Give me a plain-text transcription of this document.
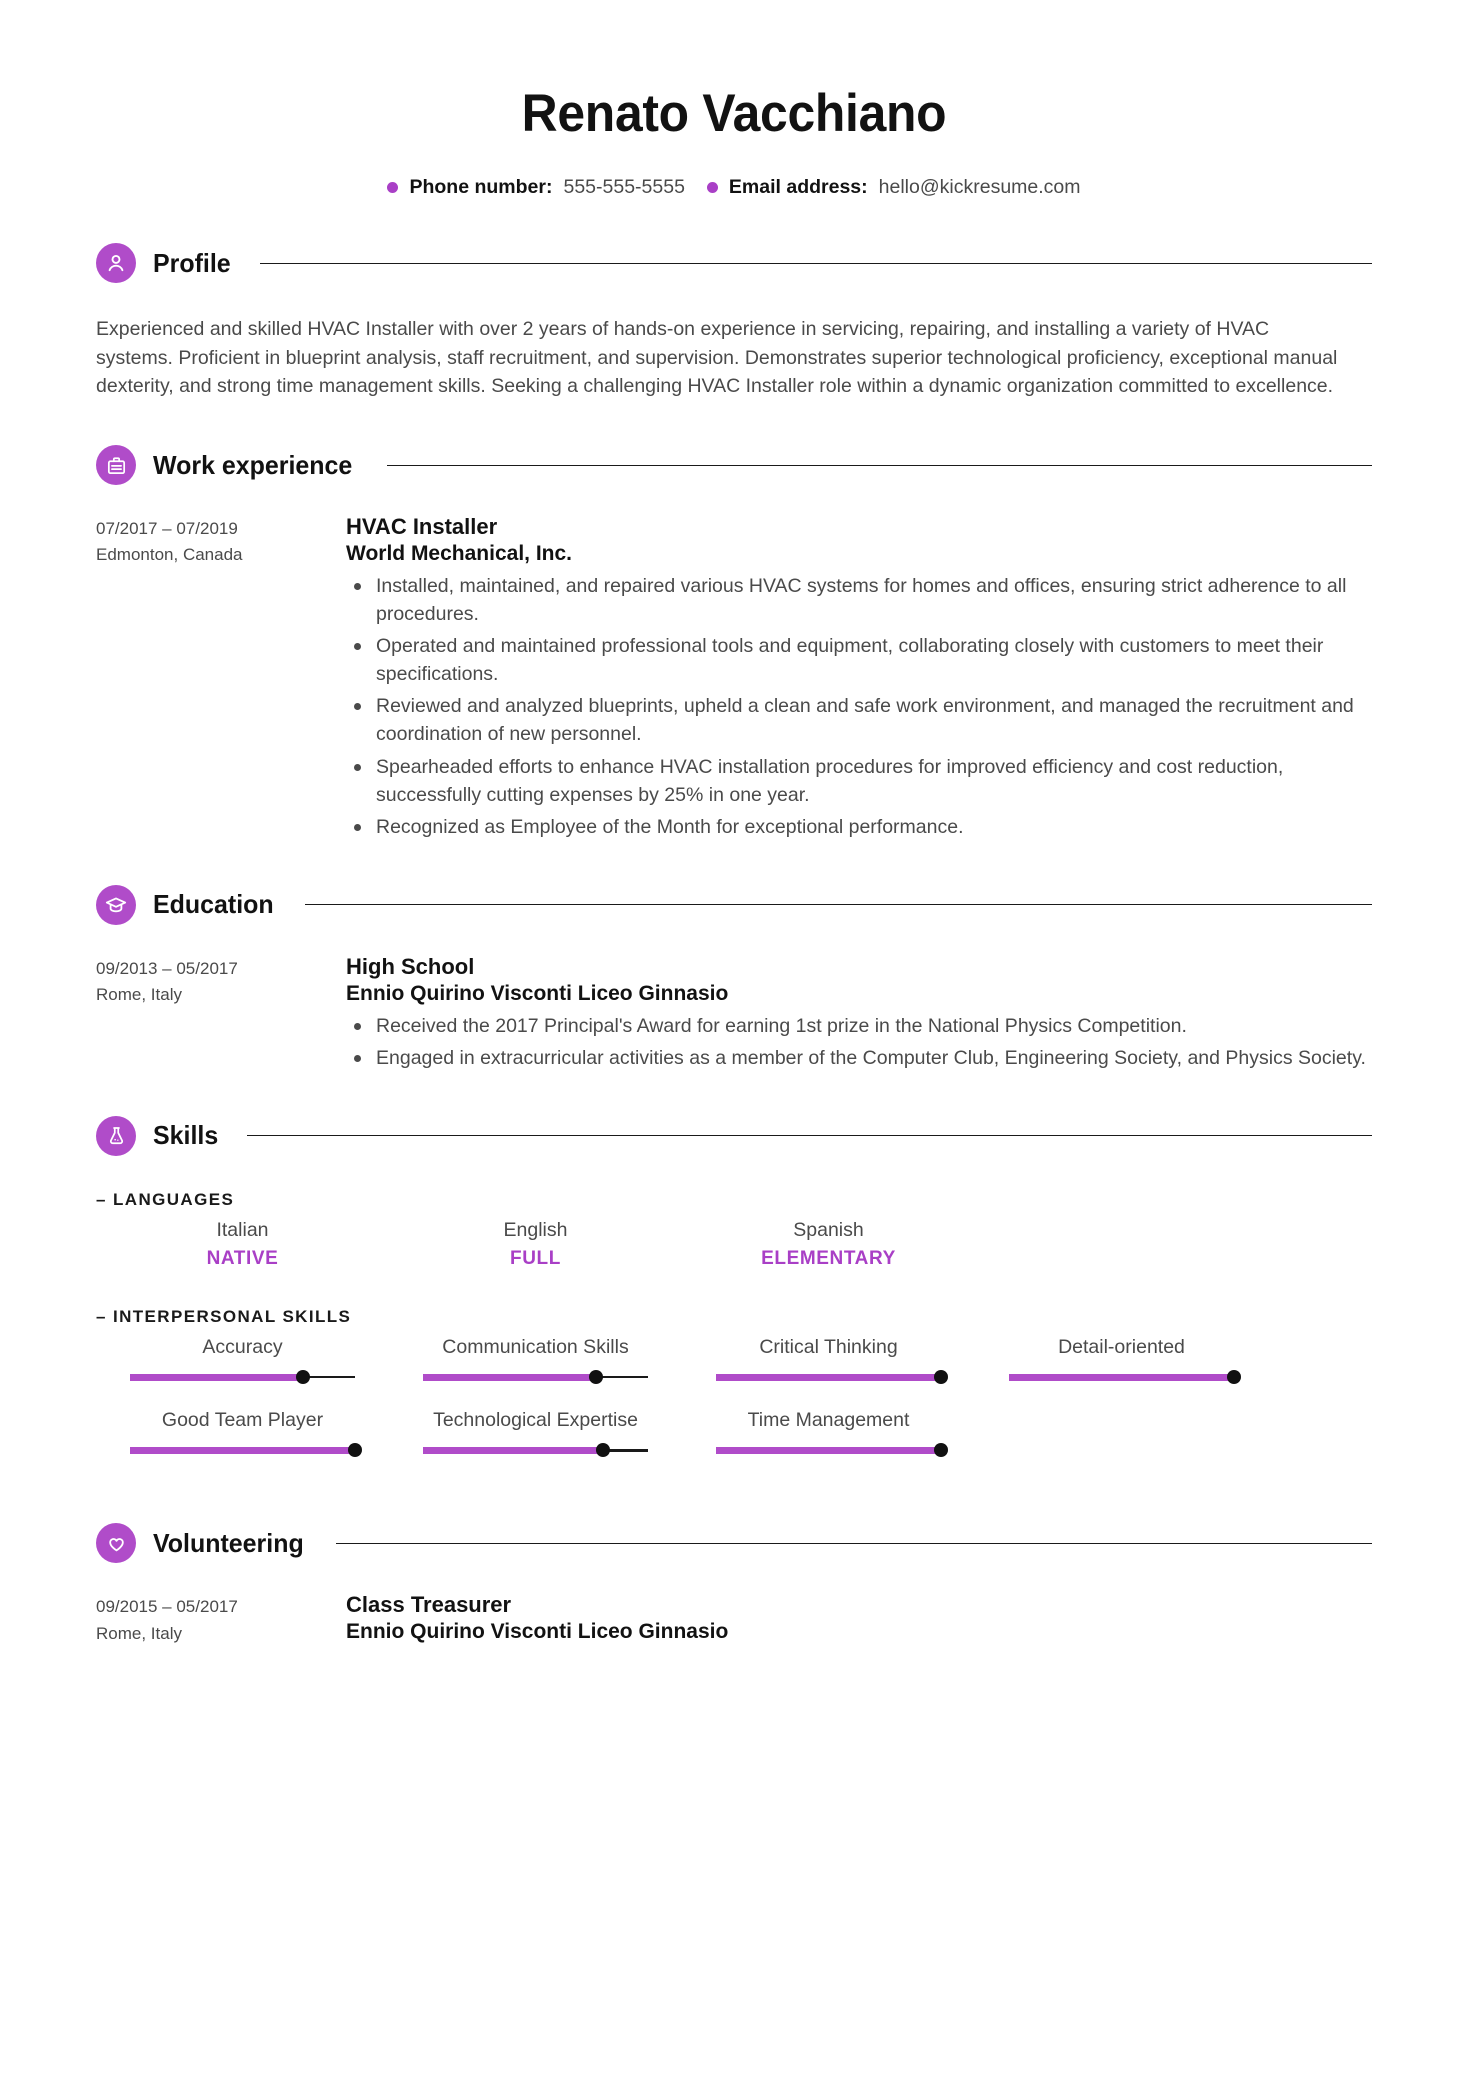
Renato Vacchiano
Phone number: 555-555-5555 Email address: hello@kickresume.com
Profile
Experienced and skilled HVAC Installer with over 2 years of hands-on experience in servicing, repairing, and installing a variety of HVAC systems. Proficient in blueprint analysis, staff recruitment, and supervision. Demonstrates superior technological proficiency, exceptional manual dexterity, and strong time management skills. Seeking a challenging HVAC Installer role within a dynamic organization committed to excellence.
Work experience
07/2017 – 07/2019
Edmonton, Canada
HVAC Installer
World Mechanical, Inc.
Installed, maintained, and repaired various HVAC systems for homes and offices, ensuring strict adherence to all procedures.
Operated and maintained professional tools and equipment, collaborating closely with customers to meet their specifications.
Reviewed and analyzed blueprints, upheld a clean and safe work environment, and managed the recruitment and coordination of new personnel.
Spearheaded efforts to enhance HVAC installation procedures for improved efficiency and cost reduction, successfully cutting expenses by 25% in one year.
Recognized as Employee of the Month for exceptional performance.
Education
09/2013 – 05/2017
Rome, Italy
High School
Ennio Quirino Visconti Liceo Ginnasio
Received the 2017 Principal's Award for earning 1st prize in the National Physics Competition.
Engaged in extracurricular activities as a member of the Computer Club, Engineering Society, and Physics Society.
Skills
– LANGUAGES
Italian
NATIVE
English
FULL
Spanish
ELEMENTARY
– INTERPERSONAL SKILLS
Accuracy	Communication Skills	Critical Thinking	Detail-oriented
Good Team Player	Technological Expertise	Time Management
Volunteering
09/2015 – 05/2017
Rome, Italy
Class Treasurer
Ennio Quirino Visconti Liceo Ginnasio
